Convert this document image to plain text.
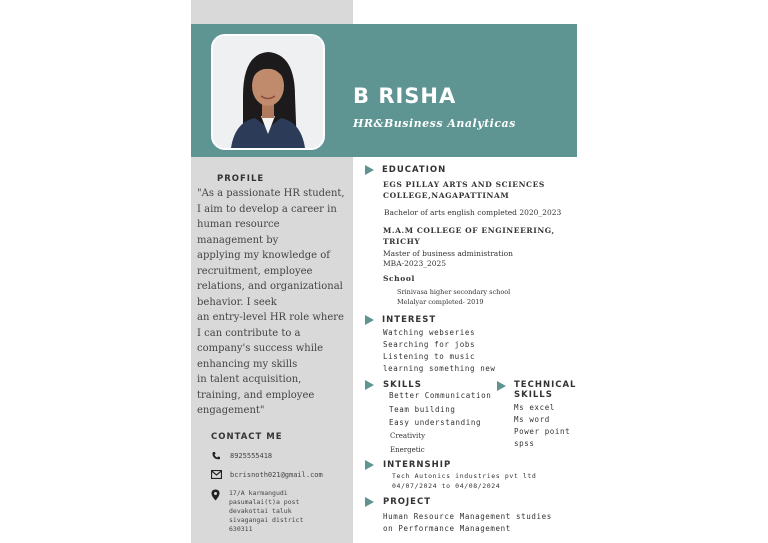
B RISHA
HR&Business Analyticas
PROFILE
"As a passionate HR student,
I aim to develop a career in
human resource
management by
applying my knowledge of
recruitment, employee
relations, and organizational
behavior. I seek
an entry-level HR role where
I can contribute to a
company's success while
enhancing my skills
in talent acquisition,
training, and employee
engagement"
CONTACT ME
8925555418
bcrisnoth021@gmail.com
17/A karmangudi
pasumalai(t)a post
devakottai taluk
sivagangai district
630311
EDUCATION
EGS PILLAY ARTS AND SCIENCES
COLLEGE,NAGAPATTINAM
Bachelor of arts english completed 2020_2023
M.A.M COLLEGE OF ENGINEERING,
TRICHY
Master of business administration
MBA-2023_2025
School
Srinivasa higher secondary school
Melalyar completed- 2019
INTEREST
Watching webseries
Searching for jobs
Listening to music
learning something new
SKILLS
Better Communication
Team building
Easy understanding
Creativity
Energetic
TECHNICAL
SKILLS
Ms excel
Ms word
Power point
spss
INTERNSHIP
Tech Autonics industries pvt ltd
04/07/2024 to 04/08/2024
PROJECT
Human Resource Management studies
on Performance Management
